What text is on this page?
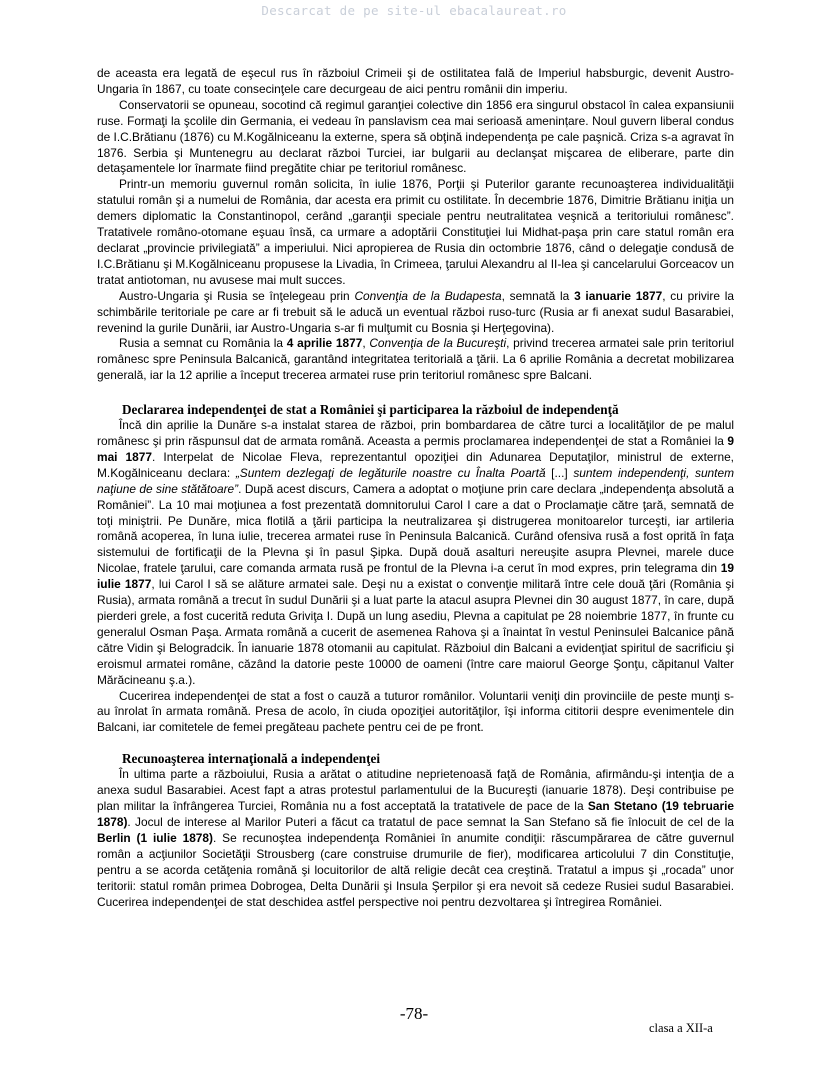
Descarcat de pe site-ul ebacalaureat.ro

de aceasta era legată de eşecul rus în războiul Crimeii şi de ostilitatea falǎ de Imperiul habsburgic, devenit Austro-Ungaria în 1867, cu toate consecinţele care decurgeau de aici pentru românii din imperiu.

Conservatorii se opuneau, socotind că regimul garanţiei colective din 1856 era singurul obstacol în calea expansiunii ruse. Formaţi la şcolile din Germania, ei vedeau în panslavism cea mai serioasă amenințare. Noul guvern liberal condus de I.C.Brătianu (1876) cu M.Kogălniceanu la externe, spera să obţină independenţa pe cale paşnică. Criza s-a agravat în 1876. Serbia şi Muntenegru au declarat război Turciei, iar bulgarii au declanşat mişcarea de eliberare, parte din detaşamentele lor înarmate fiind pregătite chiar pe teritoriul românesc.

Printr-un memoriu guvernul român solicita, în iulie 1876, Porţii şi Puterilor garante recunoaşterea individualităţii statului român şi a numelui de România, dar acesta era primit cu ostilitate. În decembrie 1876, Dimitrie Brătianu iniţia un demers diplomatic la Constantinopol, cerând „garanţii speciale pentru neutralitatea veşnică a teritoriului românesc”. Tratativele româno-otomane eşuau însă, ca urmare a adoptării Constituţiei lui Midhat-paşa prin care statul român era declarat „provincie privilegiată” a imperiului. Nici apropierea de Rusia din octombrie 1876, când o delegaţie condusă de I.C.Brătianu şi M.Kogălniceanu propusese la Livadia, în Crimeea, ţarului Alexandru al II-lea şi cancelarului Gorceacov un tratat antiotoman, nu avusese mai mult succes.

Austro-Ungaria şi Rusia se înţelegeau prin Convenţia de la Budapesta, semnată la 3 ianuarie 1877, cu privire la schimbările teritoriale pe care ar fi trebuit să le aducă un eventual război ruso-turc (Rusia ar fi anexat sudul Basarabiei, revenind la gurile Dunării, iar Austro-Ungaria s-ar fi mulţumit cu Bosnia şi Herţegovina).

Rusia a semnat cu România la 4 aprilie 1877, Convenţia de la Bucureşti, privind trecerea armatei sale prin teritoriul românesc spre Peninsula Balcanică, garantând integritatea teritorială a ţării. La 6 aprilie România a decretat mobilizarea generală, iar la 12 aprilie a început trecerea armatei ruse prin teritoriul românesc spre Balcani.

Declararea independenţei de stat a României şi participarea la războiul de independenţă

Încă din aprilie la Dunăre s-a instalat starea de război, prin bombardarea de către turci a localităţilor de pe malul românesc şi prin răspunsul dat de armata română. Aceasta a permis proclamarea independenţei de stat a României la 9 mai 1877. Interpelat de Nicolae Fleva, reprezentantul opoziţiei din Adunarea Deputaţilor, ministrul de externe, M.Kogălniceanu declara: „Suntem dezlegaţi de legăturile noastre cu Înalta Poartă [...] suntem independenţi, suntem naţiune de sine stătătoare”. După acest discurs, Camera a adoptat o moţiune prin care declara „independenţa absolută a României”. La 10 mai moţiunea a fost prezentată domnitorului Carol I care a dat o Proclamaţie către ţară, semnată de toţi miniştrii. Pe Dunăre, mica flotilă a ţării participa la neutralizarea şi distrugerea monitoarelor turceşti, iar artileria română acoperea, în luna iulie, trecerea armatei ruse în Peninsula Balcanică. Curând ofensiva rusă a fost oprită în faţa sistemului de fortificaţii de la Plevna şi în pasul Şipka. După două asalturi nereuşite asupra Plevnei, marele duce Nicolae, fratele ţarului, care comanda armata rusă pe frontul de la Plevna i-a cerut în mod expres, prin telegrama din 19 iulie 1877, lui Carol I să se alăture armatei sale. Deşi nu a existat o convenţie militară între cele două ţări (România şi Rusia), armata română a trecut în sudul Dunării şi a luat parte la atacul asupra Plevnei din 30 august 1877, în care, după pierderi grele, a fost cucerită reduta Griviţa I. După un lung asediu, Plevna a capitulat pe 28 noiembrie 1877, în frunte cu generalul Osman Paşa. Armata română a cucerit de asemenea Rahova şi a înaintat în vestul Peninsulei Balcanice până către Vidin şi Belogradcik. În ianuarie 1878 otomanii au capitulat. Războiul din Balcani a evidenţiat spiritul de sacrificiu şi eroismul armatei române, căzând la datorie peste 10000 de oameni (între care maiorul George Şonţu, căpitanul Valter Mărăcineanu ş.a.).

Cucerirea independenţei de stat a fost o cauză a tuturor românilor. Voluntarii veniţi din provinciile de peste munţi s-au înrolat în armata română. Presa de acolo, în ciuda opoziţiei autorităţilor, îşi informa cititorii despre evenimentele din Balcani, iar comitetele de femei pregăteau pachete pentru cei de pe front.

Recunoaşterea internaţională a independenţei

În ultima parte a războiului, Rusia a arătat o atitudine neprietenoasă faţă de România, afirmându-şi intenţia de a anexa sudul Basarabiei. Acest fapt a atras protestul parlamentului de la Bucureşti (ianuarie 1878). Deşi contribuise pe plan militar la înfrângerea Turciei, România nu a fost acceptată la tratativele de pace de la San Stetano (19 tebruarie 1878). Jocul de interese al Marilor Puteri a făcut ca tratatul de pace semnat la San Stefano să fie înlocuit de cel de la Berlin (1 iulie 1878). Se recunoştea independenţa României în anumite condiţii: răscumpărarea de către guvernul român a acţiunilor Societăţii Strousberg (care construise drumurile de fier), modificarea articolului 7 din Constituţie, pentru a se acorda cetăţenia română şi locuitorilor de altă religie decât cea creştină. Tratatul a impus şi „rocada” unor teritorii: statul român primea Dobrogea, Delta Dunării şi Insula Şerpilor şi era nevoit să cedeze Rusiei sudul Basarabiei. Cucerirea independenţei de stat deschidea astfel perspective noi pentru dezvoltarea şi întregirea României.

-78-
clasa a XII-a
